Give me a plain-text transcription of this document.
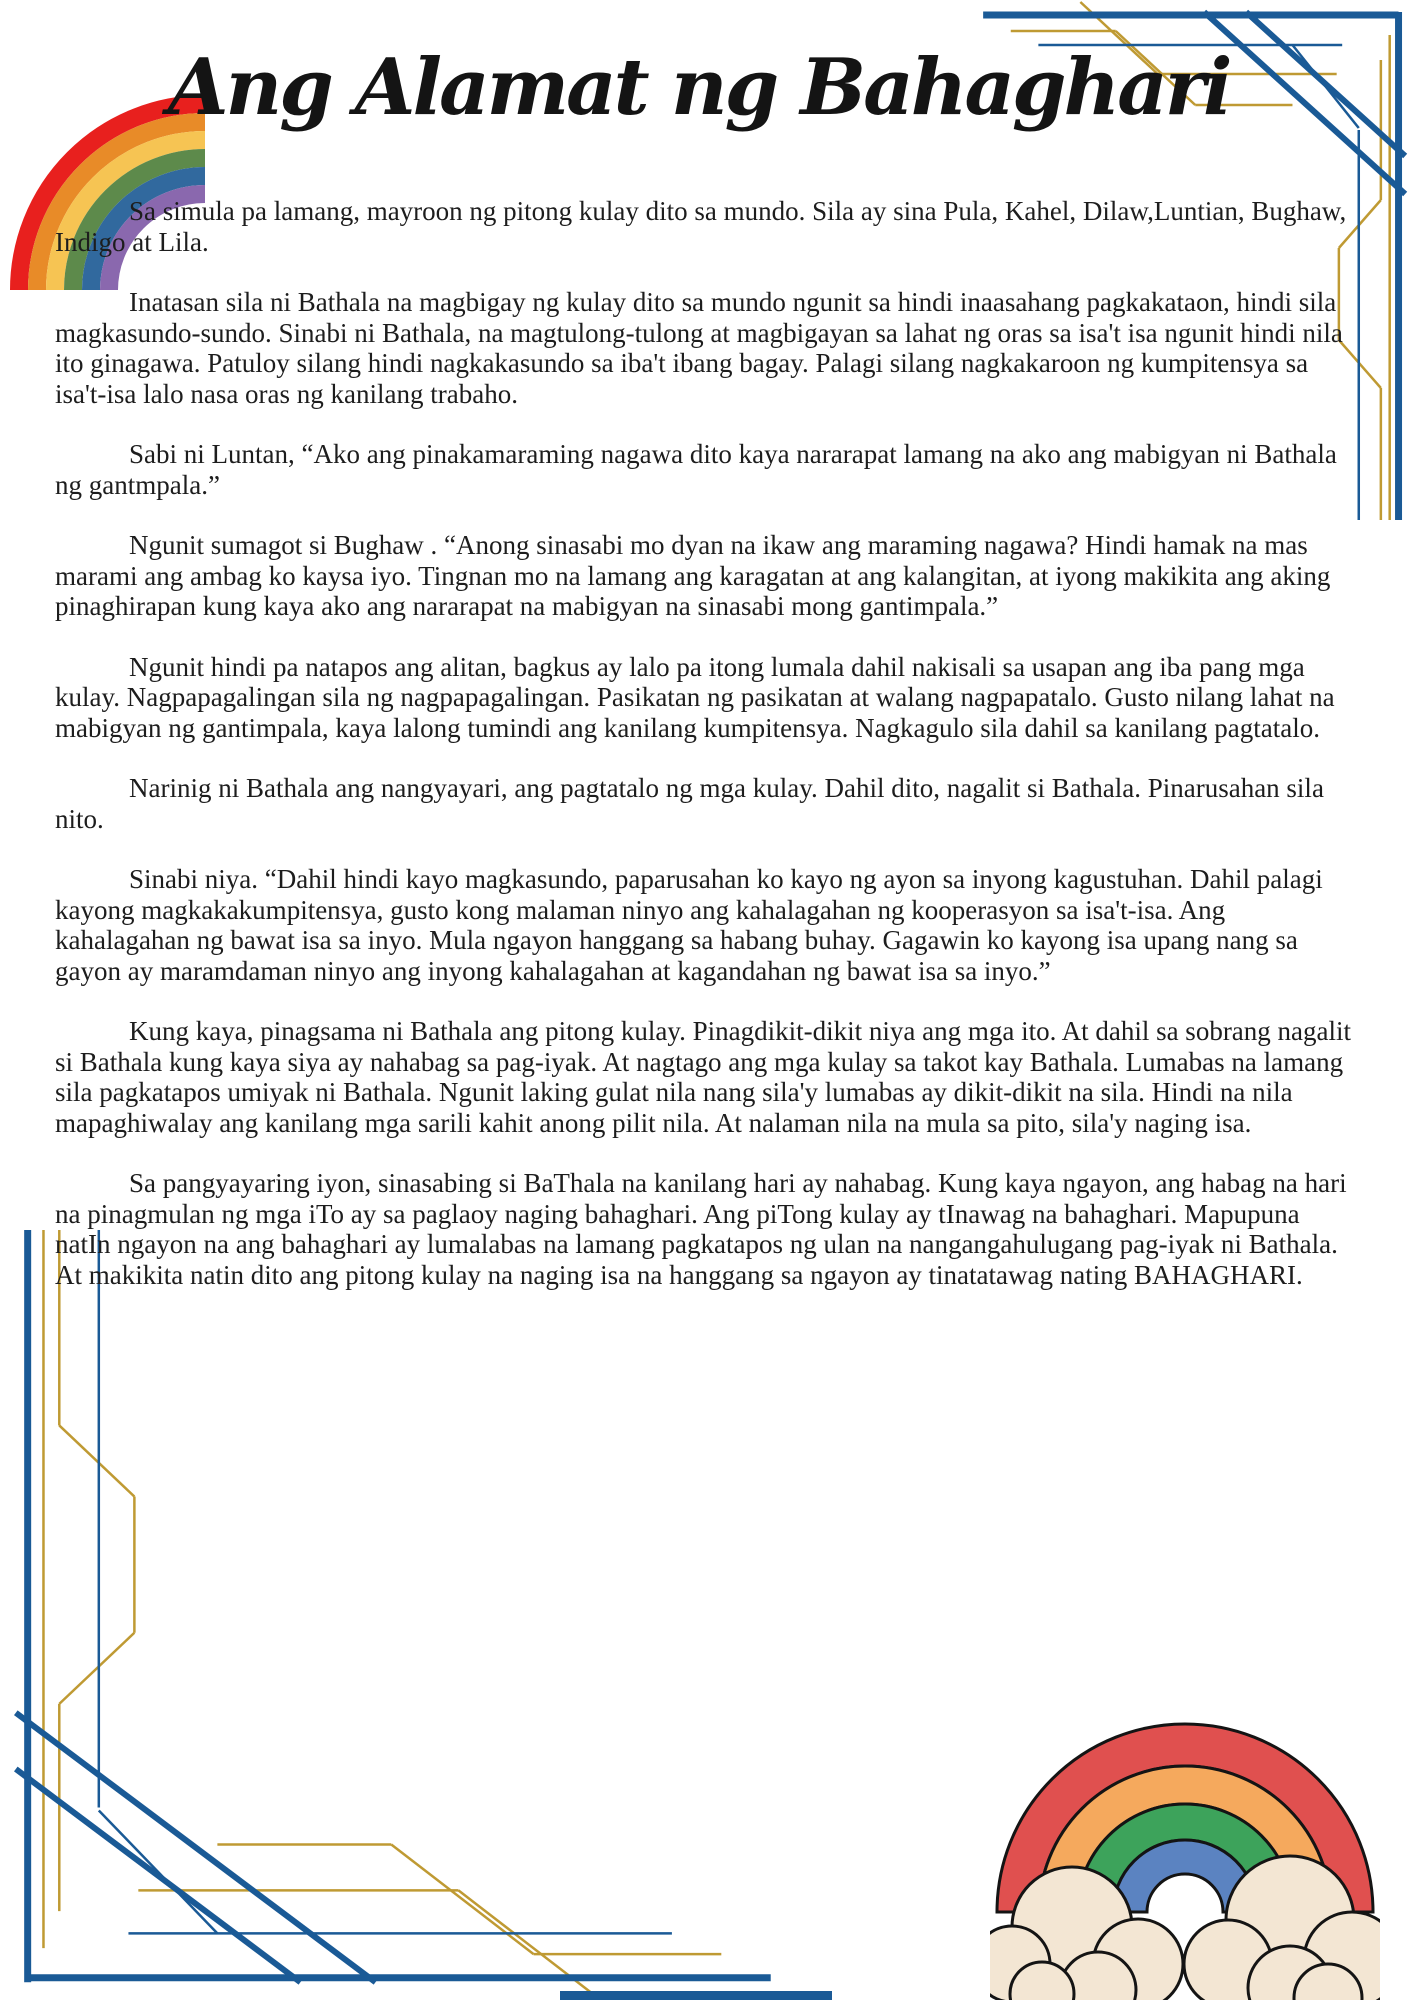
Ang Alamat ng Bahaghari

Sa simula pa lamang, mayroon ng pitong kulay dito sa mundo. Sila ay sina Pula, Kahel, Dilaw,Luntian, Bughaw, Indigo at Lila.

Inatasan sila ni Bathala na magbigay ng kulay dito sa mundo ngunit sa hindi inaasahang pagkakataon, hindi sila magkasundo-sundo. Sinabi ni Bathala, na magtulong-tulong at magbigayan sa lahat ng oras sa isa't isa ngunit hindi nila ito ginagawa. Patuloy silang hindi nagkakasundo sa iba't ibang bagay. Palagi silang nagkakaroon ng kumpitensya sa isa't-isa lalo nasa oras ng kanilang trabaho.

Sabi ni Luntan, “Ako ang pinakamaraming nagawa dito kaya nararapat lamang na ako ang mabigyan ni Bathala ng gantmpala.”

Ngunit sumagot si Bughaw . “Anong sinasabi mo dyan na ikaw ang maraming nagawa? Hindi hamak na mas marami ang ambag ko kaysa iyo. Tingnan mo na lamang ang karagatan at ang kalangitan, at iyong makikita ang aking pinaghirapan kung kaya ako ang nararapat na mabigyan na sinasabi mong gantimpala.”

Ngunit hindi pa natapos ang alitan, bagkus ay lalo pa itong lumala dahil nakisali sa usapan ang iba pang mga kulay. Nagpapagalingan sila ng nagpapagalingan. Pasikatan ng pasikatan at walang nagpapatalo. Gusto nilang lahat na mabigyan ng gantimpala, kaya lalong tumindi ang kanilang kumpitensya. Nagkagulo sila dahil sa kanilang pagtatalo.

Narinig ni Bathala ang nangyayari, ang pagtatalo ng mga kulay. Dahil dito, nagalit si Bathala. Pinarusahan sila nito.

Sinabi niya. “Dahil hindi kayo magkasundo, paparusahan ko kayo ng ayon sa inyong kagustuhan. Dahil palagi kayong magkakakumpitensya, gusto kong malaman ninyo ang kahalagahan ng kooperasyon sa isa't-isa. Ang kahalagahan ng bawat isa sa inyo. Mula ngayon hanggang sa habang buhay. Gagawin ko kayong isa upang nang sa gayon ay maramdaman ninyo ang inyong kahalagahan at kagandahan ng bawat isa sa inyo.”

Kung kaya, pinagsama ni Bathala ang pitong kulay. Pinagdikit-dikit niya ang mga ito. At dahil sa sobrang nagalit si Bathala kung kaya siya ay nahabag sa pag-iyak. At nagtago ang mga kulay sa takot kay Bathala. Lumabas na lamang sila pagkatapos umiyak ni Bathala. Ngunit laking gulat nila nang sila'y lumabas ay dikit-dikit na sila. Hindi na nila mapaghiwalay ang kanilang mga sarili kahit anong pilit nila. At nalaman nila na mula sa pito, sila'y naging isa.

Sa pangyayaring iyon, sinasabing si BaThala na kanilang hari ay nahabag. Kung kaya ngayon, ang habag na hari na pinagmulan ng mga iTo ay sa paglaoy naging bahaghari. Ang piTong kulay ay tInawag na bahaghari. Mapupuna natIn ngayon na ang bahaghari ay lumalabas na lamang pagkatapos ng ulan na nangangahulugang pag-iyak ni Bathala. At makikita natin dito ang pitong kulay na naging isa na hanggang sa ngayon ay tinatatawag nating BAHAGHARI.
